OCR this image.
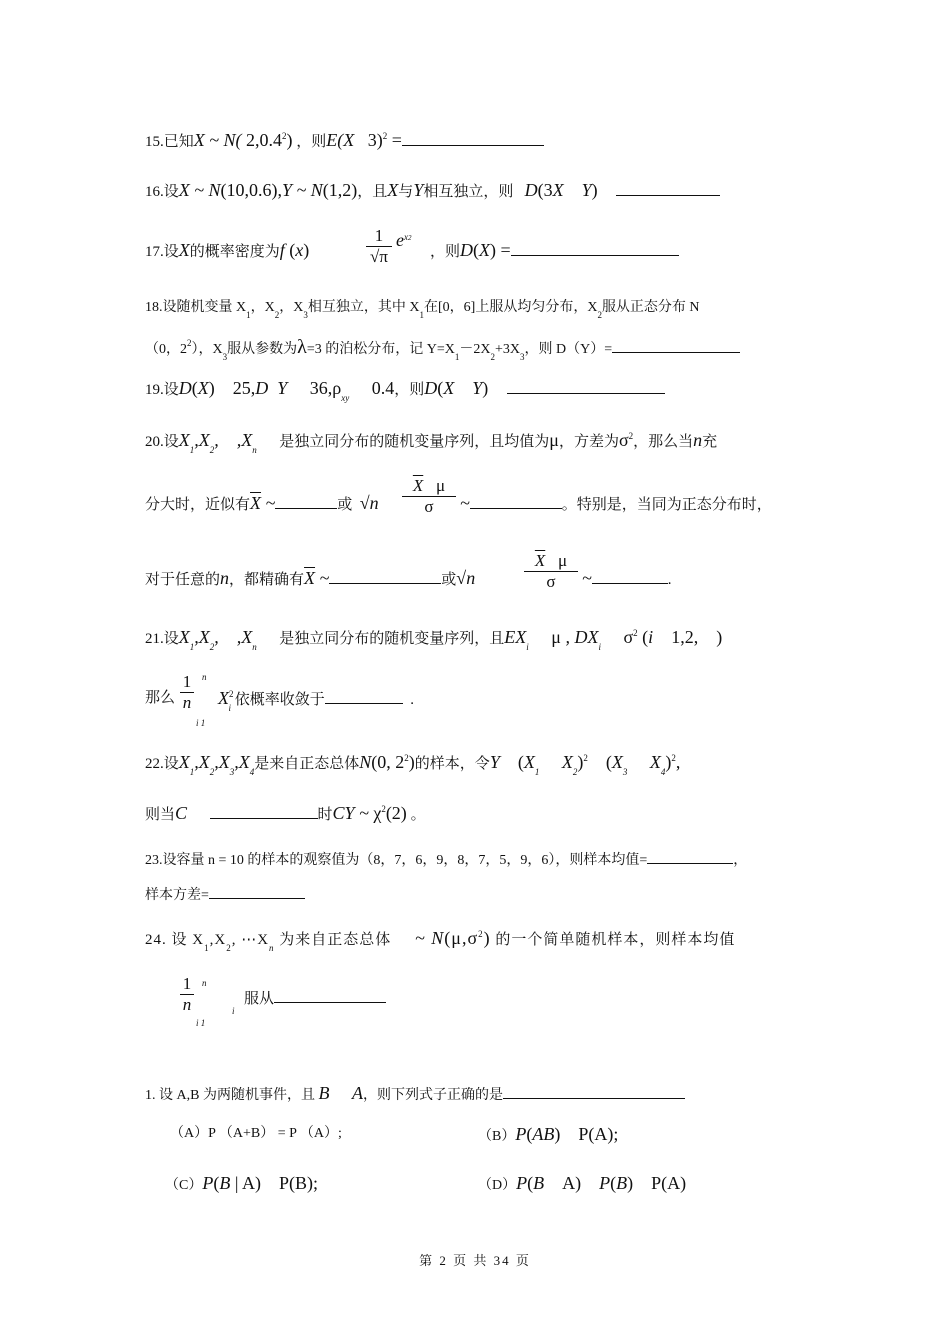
15.已知X ~ N( 2,0.4$^2$) ，则E(X   3)$^2$ =
16.设X ~ N(10,0.6),Y ~ N(1,2)，且X与Y相互独立，则 D(3X    Y)
17.设X的概率密度为f (x)	$\frac{1}{√\pi} e^{x2}$
，则D(X) =
18.设随机变量 $X_1$，$X_2$，$X_3$相互独立，其中 $X_1$在[0，6]上服从均匀分布，$X_2$服从正态分布 N
（0，$2^2$），$X_3$服从参数为λ=3 的泊松分布，记 $Y=X_1-2X_2+3X_3$，则 D（Y）=
19.设D(X)    25,D  Y     $36,\rho_{xy}$ 0.4，则D(X    Y)
20.设$X_1,X_2$,    $,X_n$ 是独立同分布的随机变量序列，且均值为μ，方差为$\sigma^2$，那么当n充
分大时，近似有$\overline{X}$ ~	或 $√n \frac{\overline{X} \mu}{\sigma}$ ~	。特别是，当同为正态分布时，
对于任意的n，都精确有$\overline{X}$ ~	或√n	$\frac{\overline{X} \mu}{\sigma}$ ~	.
21.设$X_1,X_2$,    $,X_n$ 是独立同分布的随机变量序列，且$EX_i$ μ , $DX_i$ $\sigma^2$ (i    1,2,    )
那么 $\frac{1}{n}$ n
i 1
$X^2_i$ 依概率收敛于	.
22.设$X_1,X_2,X_3,X_4$是来自正态总体N(0, $2^2$)的样本，令Y    ($X_1$     $X_2)^2$ ($X_3$     $X_4)^2$,
则当C	时CY ~ $\chi^2(2)$ 。
23.设容量 n = 10 的样本的观察值为（8，7，6，9，8，7，5，9，6），则样本均值=	，
样本方差=
24. 设 $X_1,X_2$, $\cdots X_n$ 为来自正态总体 ~ $N(\mu,\sigma^2)$ 的一个简单随机样本，则样本均值
$\frac{1}{n}$ n
i 1
i
服从
1. 设 A,B 为两随机事件，且 B     A，则下列式子正确的是
（A）P （A+B） = P （A）;	（B）P(AB)    P(A);
（C）P(B | A)    P(B);	（D）P(B    A)    P(B)    P(A)
第 2 页 共 34 页
